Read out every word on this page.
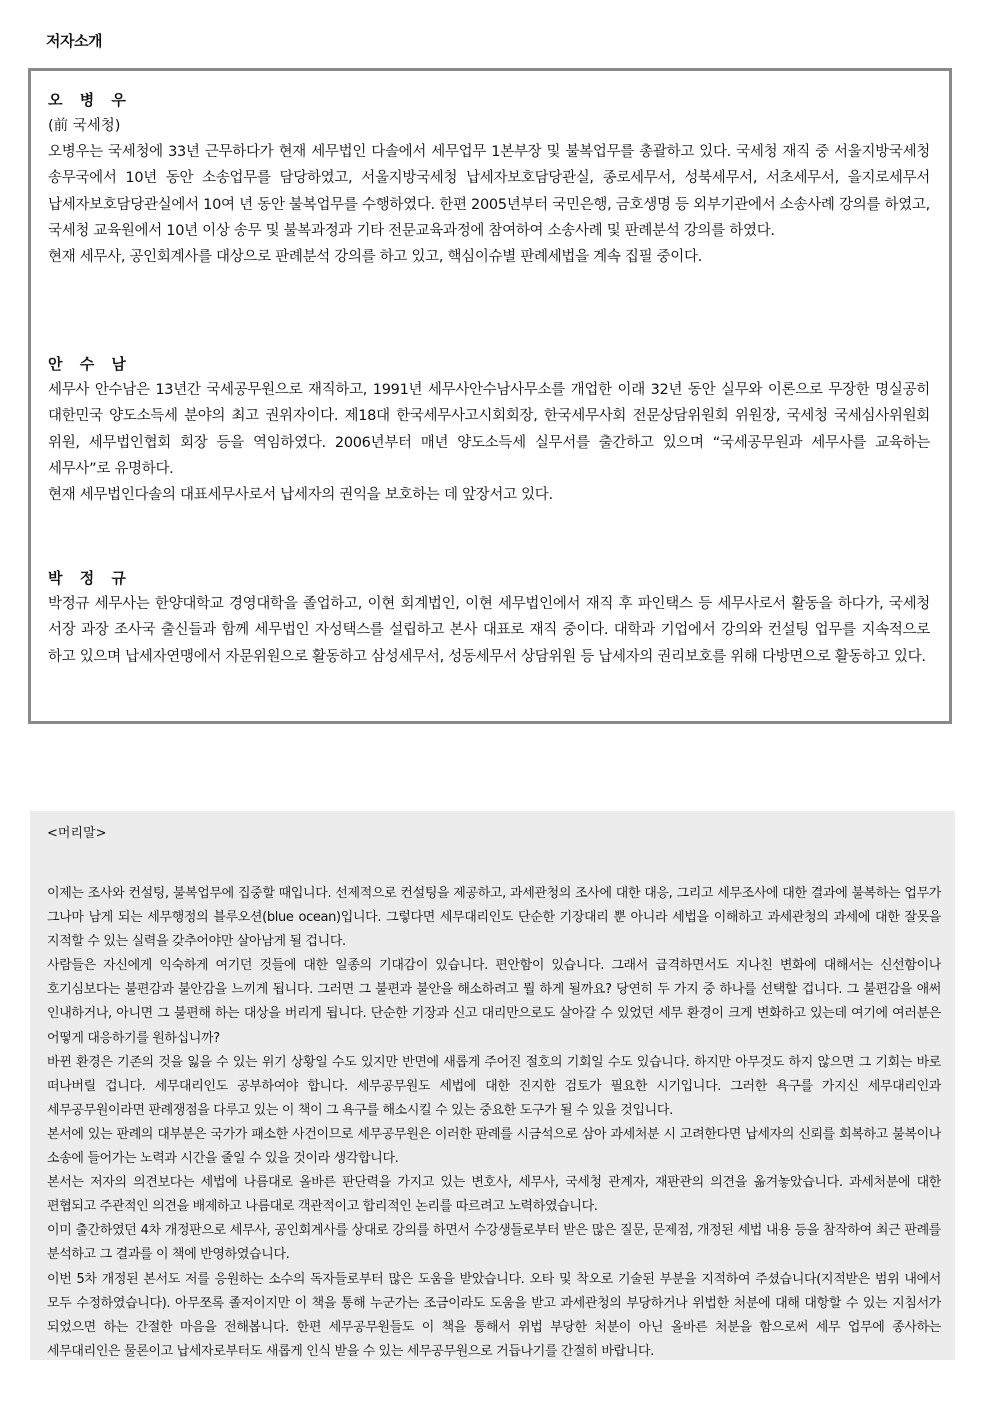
저자소개
오 병 우
(前 국세청)

오병우는 국세청에 33년 근무하다가 현재 세무법인 다솔에서 세무업무 1본부장 및 불복업무를 총괄하고 있다. 국세청 재직 중 서울지방국세청 송무국에서 10년 동안 소송업무를 담당하였고, 서울지방국세청 납세자보호담당관실, 종로세무서, 성북세무서, 서초세무서, 을지로세무서 납세자보호담당관실에서 10여 년 동안 불복업무를 수행하였다. 한편 2005년부터 국민은행, 금호생명 등 외부기관에서 소송사례 강의를 하였고, 국세청 교육원에서 10년 이상 송무 및 불복과정과 기타 전문교육과정에 참여하여 소송사례 및 판례분석 강의를 하였다.

현재 세무사, 공인회계사를 대상으로 판례분석 강의를 하고 있고, 핵심이슈별 판례세법을 계속 집필 중이다.

안 수 남

세무사 안수남은 13년간 국세공무원으로 재직하고, 1991년 세무사안수남사무소를 개업한 이래 32년 동안 실무와 이론으로 무장한 명실공히 대한민국 양도소득세 분야의 최고 권위자이다. 제18대 한국세무사고시회회장, 한국세무사회 전문상담위원회 위원장, 국세청 국세심사위원회 위원, 세무법인협회 회장 등을 역임하였다. 2006년부터 매년 양도소득세 실무서를 출간하고 있으며 “국세공무원과 세무사를 교육하는 세무사”로 유명하다.

현재 세무법인다솔의 대표세무사로서 납세자의 권익을 보호하는 데 앞장서고 있다.

박 정 규

박정규 세무사는 한양대학교 경영대학을 졸업하고, 이현 회계법인, 이현 세무법인에서 재직 후 파인택스 등 세무사로서 활동을 하다가, 국세청 서장 과장 조사국 출신들과 함께 세무법인 자성택스를 설립하고 본사 대표로 재직 중이다. 대학과 기업에서 강의와 컨설팅 업무를 지속적으로 하고 있으며 납세자연맹에서 자문위원으로 활동하고 삼성세무서, 성동세무서 상담위원 등 납세자의 권리보호를 위해 다방면으로 활동하고 있다.

<머리말>

이제는 조사와 컨설팅, 불복업무에 집중할 때입니다. 선제적으로 컨설팅을 제공하고, 과세관청의 조사에 대한 대응, 그리고 세무조사에 대한 결과에 불복하는 업무가 그나마 남게 되는 세무행정의 블루오션(blue ocean)입니다. 그렇다면 세무대리인도 단순한 기장대리 뿐 아니라 세법을 이해하고 과세관청의 과세에 대한 잘못을 지적할 수 있는 실력을 갖추어야만 살아남게 될 겁니다.

사람들은 자신에게 익숙하게 여기던 것들에 대한 일종의 기대감이 있습니다. 편안함이 있습니다. 그래서 급격하면서도 지나친 변화에 대해서는 신선함이나 호기심보다는 불편감과 불안감을 느끼게 됩니다. 그러면 그 불편과 불안을 해소하려고 뭘 하게 될까요? 당연히 두 가지 중 하나를 선택할 겁니다. 그 불편감을 애써 인내하거나, 아니면 그 불편해 하는 대상을 버리게 됩니다. 단순한 기장과 신고 대리만으로도 살아갈 수 있었던 세무 환경이 크게 변화하고 있는데 여기에 여러분은 어떻게 대응하기를 원하십니까?

바뀐 환경은 기존의 것을 잃을 수 있는 위기 상황일 수도 있지만 반면에 새롭게 주어진 절호의 기회일 수도 있습니다. 하지만 아무것도 하지 않으면 그 기회는 바로 떠나버릴 겁니다. 세무대리인도 공부하여야 합니다. 세무공무원도 세법에 대한 진지한 검토가 필요한 시기입니다. 그러한 욕구를 가지신 세무대리인과 세무공무원이라면 판례쟁점을 다루고 있는 이 책이 그 욕구를 해소시킬 수 있는 중요한 도구가 될 수 있을 것입니다.

본서에 있는 판례의 대부분은 국가가 패소한 사건이므로 세무공무원은 이러한 판례를 시금석으로 삼아 과세처분 시 고려한다면 납세자의 신뢰를 회복하고 불복이나 소송에 들어가는 노력과 시간을 줄일 수 있을 것이라 생각합니다.

본서는 저자의 의견보다는 세법에 나름대로 올바른 판단력을 가지고 있는 변호사, 세무사, 국세청 관계자, 재판관의 의견을 옮겨놓았습니다. 과세처분에 대한 편협되고 주관적인 의견을 배제하고 나름대로 객관적이고 합리적인 논리를 따르려고 노력하였습니다.

이미 출간하였던 4차 개정판으로 세무사, 공인회계사를 상대로 강의를 하면서 수강생들로부터 받은 많은 질문, 문제점, 개정된 세법 내용 등을 참작하여 최근 판례를 분석하고 그 결과를 이 책에 반영하였습니다.

이번 5차 개정된 본서도 저를 응원하는 소수의 독자들로부터 많은 도움을 받았습니다. 오타 및 착오로 기술된 부분을 지적하여 주셨습니다(지적받은 범위 내에서 모두 수정하였습니다). 아무쪼록 졸저이지만 이 책을 통해 누군가는 조금이라도 도움을 받고 과세관청의 부당하거나 위법한 처분에 대해 대항할 수 있는 지침서가 되었으면 하는 간절한 마음을 전해봅니다. 한편 세무공무원들도 이 책을 통해서 위법 부당한 처분이 아닌 올바른 처분을 함으로써 세무 업무에 종사하는 세무대리인은 물론이고 납세자로부터도 새롭게 인식 받을 수 있는 세무공무원으로 거듭나기를 간절히 바랍니다.
